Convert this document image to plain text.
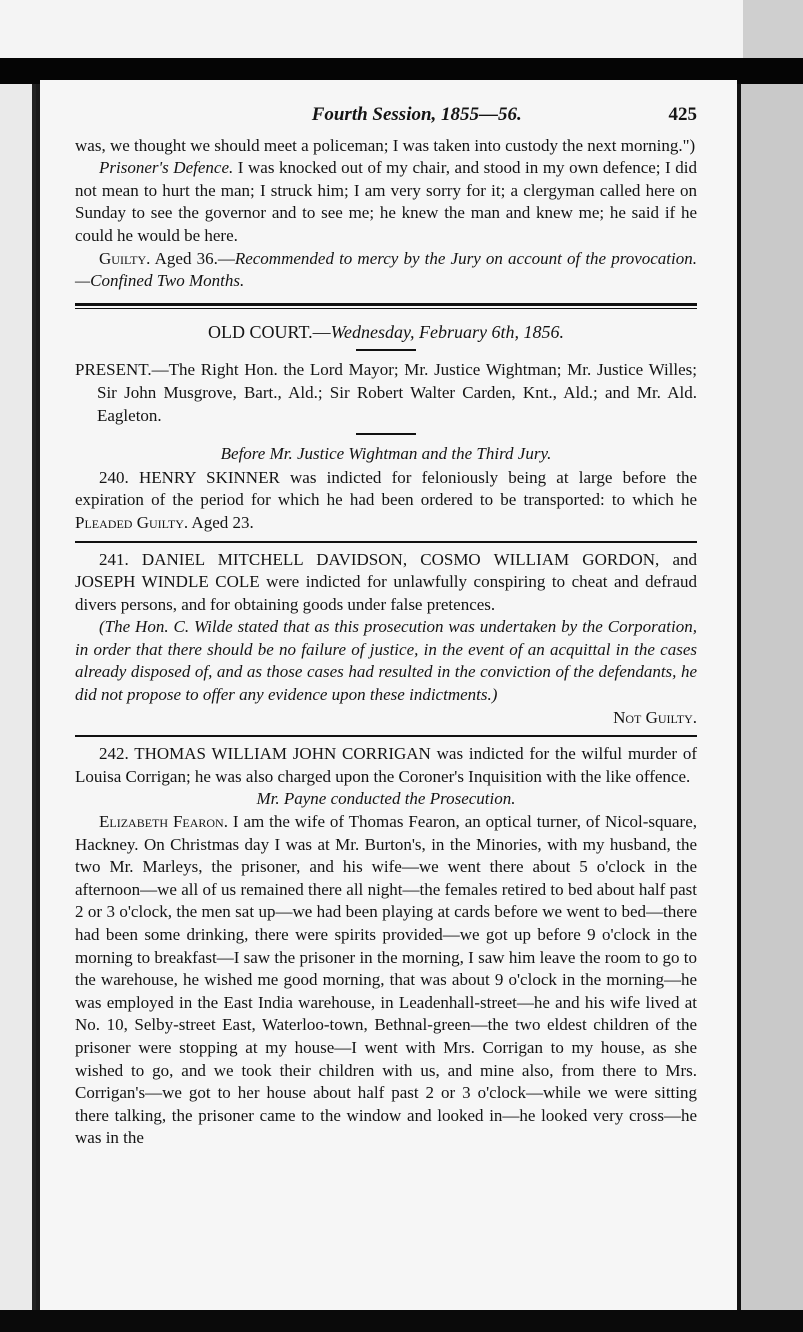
Fourth Session, 1855—56.	425

was, we thought we should meet a policeman; I was taken into custody the next morning.")

Prisoner's Defence. I was knocked out of my chair, and stood in my own defence; I did not mean to hurt the man; I struck him; I am very sorry for it; a clergyman called here on Sunday to see the governor and to see me; he knew the man and knew me; he said if he could he would be here.

Guilty. Aged 36.—Recommended to mercy by the Jury on account of the provocation.—Confined Two Months.

OLD COURT.—Wednesday, February 6th, 1856.

PRESENT.—The Right Hon. the Lord Mayor; Mr. Justice Wightman; Mr. Justice Willes; Sir John Musgrove, Bart., Ald.; Sir Robert Walter Carden, Knt., Ald.; and Mr. Ald. Eagleton.

Before Mr. Justice Wightman and the Third Jury.

240. HENRY SKINNER was indicted for feloniously being at large before the expiration of the period for which he had been ordered to be transported: to which he Pleaded Guilty. Aged 23.

241. DANIEL MITCHELL DAVIDSON, COSMO WILLIAM GORDON, and JOSEPH WINDLE COLE were indicted for unlawfully conspiring to cheat and defraud divers persons, and for obtaining goods under false pretences.

(The Hon. C. Wilde stated that as this prosecution was undertaken by the Corporation, in order that there should be no failure of justice, in the event of an acquittal in the cases already disposed of, and as those cases had resulted in the conviction of the defendants, he did not propose to offer any evidence upon these indictments.)

Not Guilty.

242. THOMAS WILLIAM JOHN CORRIGAN was indicted for the wilful murder of Louisa Corrigan; he was also charged upon the Coroner's Inquisition with the like offence.

Mr. Payne conducted the Prosecution.

Elizabeth Fearon. I am the wife of Thomas Fearon, an optical turner, of Nicol-square, Hackney. On Christmas day I was at Mr. Burton's, in the Minories, with my husband, the two Mr. Marleys, the prisoner, and his wife—we went there about 5 o'clock in the afternoon—we all of us remained there all night—the females retired to bed about half past 2 or 3 o'clock, the men sat up—we had been playing at cards before we went to bed—there had been some drinking, there were spirits provided—we got up before 9 o'clock in the morning to breakfast—I saw the prisoner in the morning, I saw him leave the room to go to the warehouse, he wished me good morning, that was about 9 o'clock in the morning—he was employed in the East India warehouse, in Leadenhall-street—he and his wife lived at No. 10, Selby-street East, Waterloo-town, Bethnal-green—the two eldest children of the prisoner were stopping at my house—I went with Mrs. Corrigan to my house, as she wished to go, and we took their children with us, and mine also, from there to Mrs. Corrigan's—we got to her house about half past 2 or 3 o'clock—while we were sitting there talking, the prisoner came to the window and looked in—he looked very cross—he was in the
